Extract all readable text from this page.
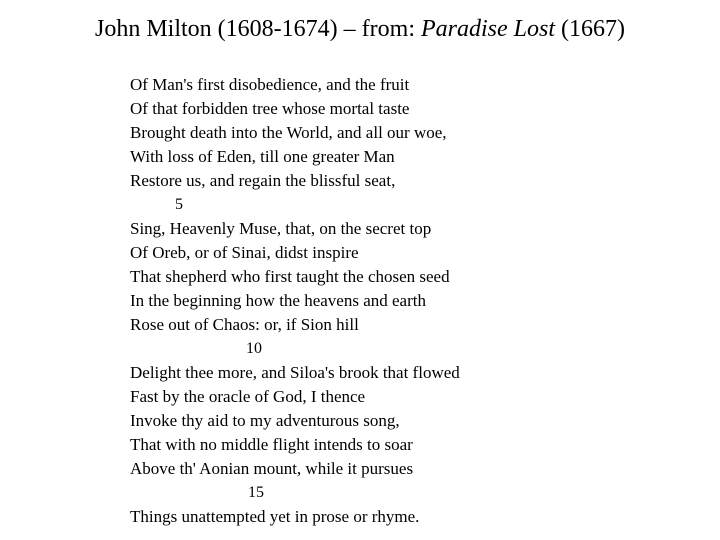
John Milton (1608-1674) – from: Paradise Lost (1667)
Of Man's first disobedience, and the fruit
Of that forbidden tree whose mortal taste
Brought death into the World, and all our woe,
With loss of Eden, till one greater Man
Restore us, and regain the blissful seat,
5
Sing, Heavenly Muse, that, on the secret top
Of Oreb, or of Sinai, didst inspire
That shepherd who first taught the chosen seed
In the beginning how the heavens and earth
Rose out of Chaos: or, if Sion hill
10
Delight thee more, and Siloa's brook that flowed
Fast by the oracle of God, I thence
Invoke thy aid to my adventurous song,
That with no middle flight intends to soar
Above th' Aonian mount, while it pursues
15
Things unattempted yet in prose or rhyme.
